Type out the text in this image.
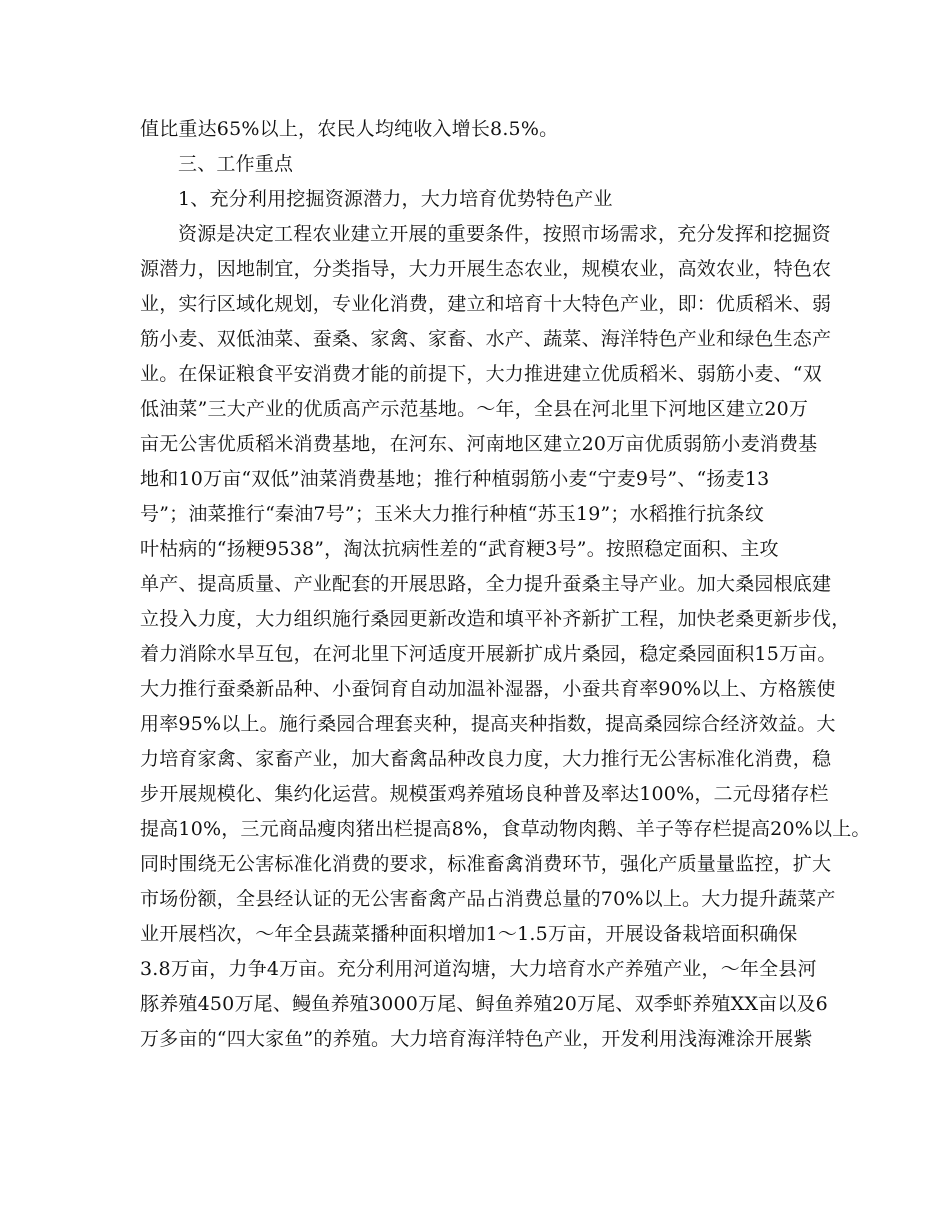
值比重达65%以上，农民人均纯收入增长8.5%。
三、工作重点
1、充分利用挖掘资源潜力，大力培育优势特色产业
资源是决定工程农业建立开展的重要条件，按照市场需求，充分发挥和挖掘资
源潜力，因地制宜，分类指导，大力开展生态农业，规模农业，高效农业，特色农
业，实行区域化规划，专业化消费，建立和培育十大特色产业，即：优质稻米、弱
筋小麦、双低油菜、蚕桑、家禽、家畜、水产、蔬菜、海洋特色产业和绿色生态产
业。在保证粮食平安消费才能的前提下，大力推进建立优质稻米、弱筋小麦、“双
低油菜”三大产业的优质高产示范基地。～年，全县在河北里下河地区建立20万
亩无公害优质稻米消费基地，在河东、河南地区建立20万亩优质弱筋小麦消费基
地和10万亩“双低”油菜消费基地；推行种植弱筋小麦“宁麦9号”、“扬麦13
号”；油菜推行“秦油7号”；玉米大力推行种植“苏玉19”；水稻推行抗条纹
叶枯病的“扬粳9538”，淘汰抗病性差的“武育粳3号”。按照稳定面积、主攻
单产、提高质量、产业配套的开展思路，全力提升蚕桑主导产业。加大桑园根底建
立投入力度，大力组织施行桑园更新改造和填平补齐新扩工程，加快老桑更新步伐，
着力消除水旱互包，在河北里下河适度开展新扩成片桑园，稳定桑园面积15万亩。
大力推行蚕桑新品种、小蚕饲育自动加温补湿器，小蚕共育率90%以上、方格簇使
用率95%以上。施行桑园合理套夹种，提高夹种指数，提高桑园综合经济效益。大
力培育家禽、家畜产业，加大畜禽品种改良力度，大力推行无公害标准化消费，稳
步开展规模化、集约化运营。规模蛋鸡养殖场良种普及率达100%，二元母猪存栏
提高10%，三元商品瘦肉猪出栏提高8%，食草动物肉鹅、羊子等存栏提高20%以上。
同时围绕无公害标准化消费的要求，标准畜禽消费环节，强化产质量量监控，扩大
市场份额，全县经认证的无公害畜禽产品占消费总量的70%以上。大力提升蔬菜产
业开展档次，～年全县蔬菜播种面积增加1～1.5万亩，开展设备栽培面积确保
3.8万亩，力争4万亩。充分利用河道沟塘，大力培育水产养殖产业，～年全县河
豚养殖450万尾、鳗鱼养殖3000万尾、鲟鱼养殖20万尾、双季虾养殖XX亩以及6
万多亩的“四大家鱼”的养殖。大力培育海洋特色产业，开发利用浅海滩涂开展紫
